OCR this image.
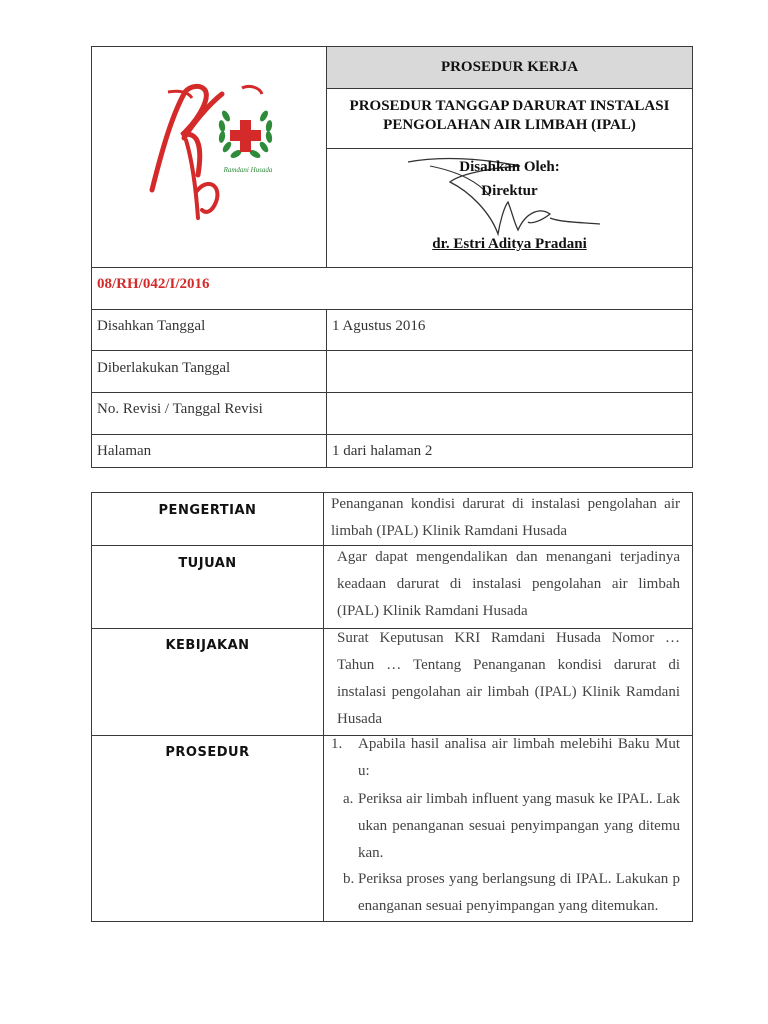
Ramdani Husada
PROSEDUR KERJA
PROSEDUR TANGGAP DARURAT INSTALASI
PENGOLAHAN AIR LIMBAH (IPAL)
Disahkan Oleh:
Direktur
dr. Estri Aditya Pradani
08/RH/042/I/2016
Disahkan Tanggal	1 Agustus 2016
Diberlakukan Tanggal
No. Revisi / Tanggal Revisi
Halaman	1 dari halaman 2
PENGERTIAN	Penanganan kondisi darurat di instalasi pengolahan air
limbah (IPAL) Klinik Ramdani Husada
TUJUAN	Agar dapat mengendalikan dan menangani terjadinya
keadaan darurat di instalasi pengolahan air limbah
(IPAL) Klinik Ramdani Husada
KEBIJAKAN	Surat Keputusan KRI Ramdani Husada Nomor …
Tahun … Tentang Penanganan kondisi darurat di
instalasi pengolahan air limbah (IPAL) Klinik Ramdani
Husada
PROSEDUR
1. Apabila hasil analisa air limbah melebihi Baku Mut
u:
a. Periksa air limbah influent yang masuk ke IPAL. Lak
ukan penanganan sesuai penyimpangan yang ditemu
kan.
b. Periksa proses yang berlangsung di IPAL. Lakukan p
enanganan sesuai penyimpangan yang ditemukan.
